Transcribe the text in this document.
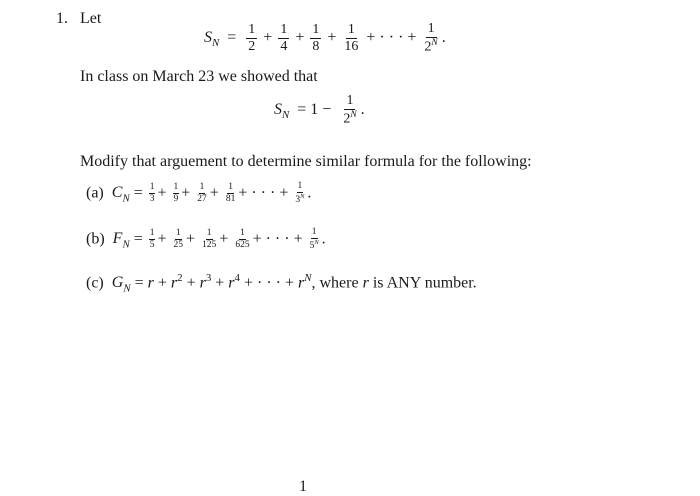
1. Let
$S_N = \frac{1}{2} + \frac{1}{4} + \frac{1}{8} + \frac{1}{16}$ + · · · + $\frac{1}{2^N}$ .
In class on March 23 we showed that
$S_N = 1 - \frac{1}{2^N}$ .
Modify that arguement to determine similar formula for the following:
(a) $C_N = \frac{1}{3} + \frac{1}{9} + \frac{1}{27} + \frac{1}{81}$ + · · · + $\frac{1}{3^N}$ .
(b) $F_N = \frac{1}{5} + \frac{1}{25} + \frac{1}{125} + \frac{1}{625}$ + · · · + $\frac{1}{5^N}$ .
(c) $G_N = r + r^2 + r^3 + r^4$ + · · · + $r^N$, where r is ANY number.
1
